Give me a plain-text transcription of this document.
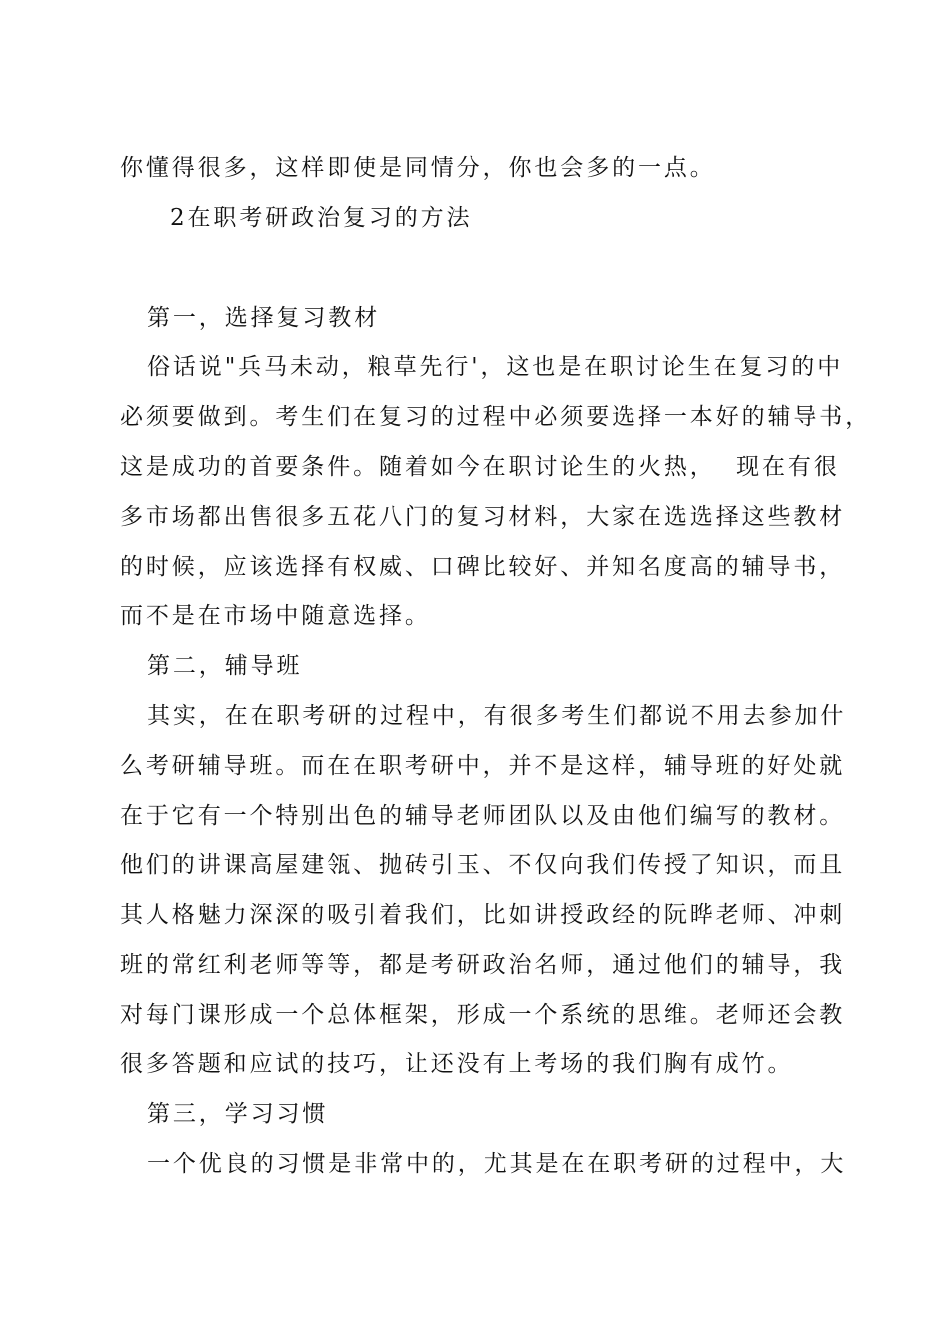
你懂得很多，这样即使是同情分，你也会多的一点。
2在职考研政治复习的方法
第一，选择复习教材
俗话说"兵马未动，粮草先行'，这也是在职讨论生在复习的中
必须要做到。考生们在复习的过程中必须要选择一本好的辅导书，
这是成功的首要条件。随着如今在职讨论生的火热，  现在有很
多市场都出售很多五花八门的复习材料，大家在选选择这些教材
的时候，应该选择有权威、口碑比较好、并知名度高的辅导书，
而不是在市场中随意选择。
第二，辅导班
其实，在在职考研的过程中，有很多考生们都说不用去参加什
么考研辅导班。而在在职考研中，并不是这样，辅导班的好处就
在于它有一个特别出色的辅导老师团队以及由他们编写的教材。
他们的讲课高屋建瓴、抛砖引玉、不仅向我们传授了知识，而且
其人格魅力深深的吸引着我们，比如讲授政经的阮晔老师、冲刺
班的常红利老师等等，都是考研政治名师，通过他们的辅导，我
对每门课形成一个总体框架，形成一个系统的思维。老师还会教
很多答题和应试的技巧，让还没有上考场的我们胸有成竹。
第三，学习习惯
一个优良的习惯是非常中的，尤其是在在职考研的过程中，大
